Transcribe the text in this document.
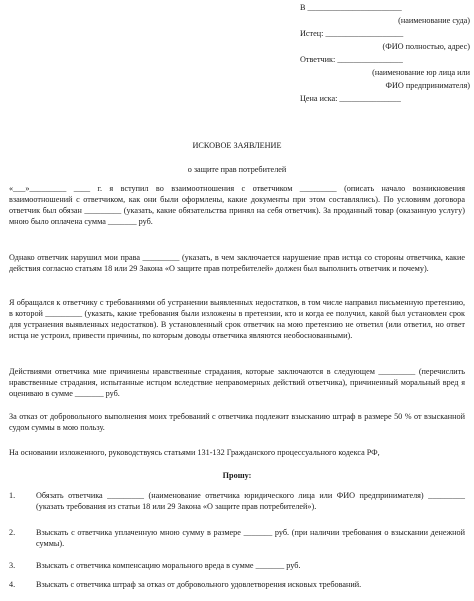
В _______________________
(наименование суда)
Истец: ___________________
(ФИО полностью, адрес)
Ответчик: ________________
(наименование юр лица или
ФИО предпринимателя)
Цена иска: _______________
ИСКОВОЕ ЗАЯВЛЕНИЕ
о защите прав потребителей

«___»_________ ____ г. я вступил во взаимоотношения с ответчиком _________ (описать начало возникновения взаимоотношений с ответчиком, как они были оформлены, какие документы при этом составлялись). По условиям договора ответчик был обязан _________ (указать, какие обязательства принял на себя ответчик). За проданный товар (оказанную услугу) мною было оплачена сумма _______ руб.

Однако ответчик нарушил мои права _________ (указать, в чем заключается нарушение прав истца со стороны ответчика, какие действия согласно статьям 18 или 29 Закона «О защите прав потребителей» должен был выполнить ответчик и почему).

Я обращался к ответчику с требованиями об устранении выявленных недостатков, в том числе направил письменную претензию, в которой _________ (указать, какие требования были изложены в претензии, кто и когда ее получил, какой был установлен срок для устранения выявленных недостатков). В установленный срок ответчик на мою претензию не ответил (или ответил, но ответ истца не устроил, привести причины, по которым доводы ответчика являются необоснованными).

Действиями ответчика мне причинены нравственные страдания, которые заключаются в следующем _________ (перечислить нравственные страдания, испытанные истцом вследствие неправомерных действий ответчика), причиненный моральный вред я оцениваю в сумме _______ руб.

За отказ от добровольного выполнения моих требований с ответчика подлежит взысканию штраф в размере 50 % от взысканной судом суммы в мою пользу.

На основании изложенного, руководствуясь статьями 131-132 Гражданского процессуального кодекса РФ,

Прошу:
1.	Обязать ответчика _________ (наименование ответчика юридического лица или ФИО предпринимателя) _________ (указать требования из статьи 18 или 29 Закона «О защите прав потребителей»).
2.	Взыскать с ответчика уплаченную мною сумму в размере _______ руб. (при наличии требования о взыскании денежной суммы).
3.	Взыскать с ответчика компенсацию морального вреда в сумме _______ руб.
4.	Взыскать с ответчика штраф за отказ от добровольного удовлетворения исковых требований.
